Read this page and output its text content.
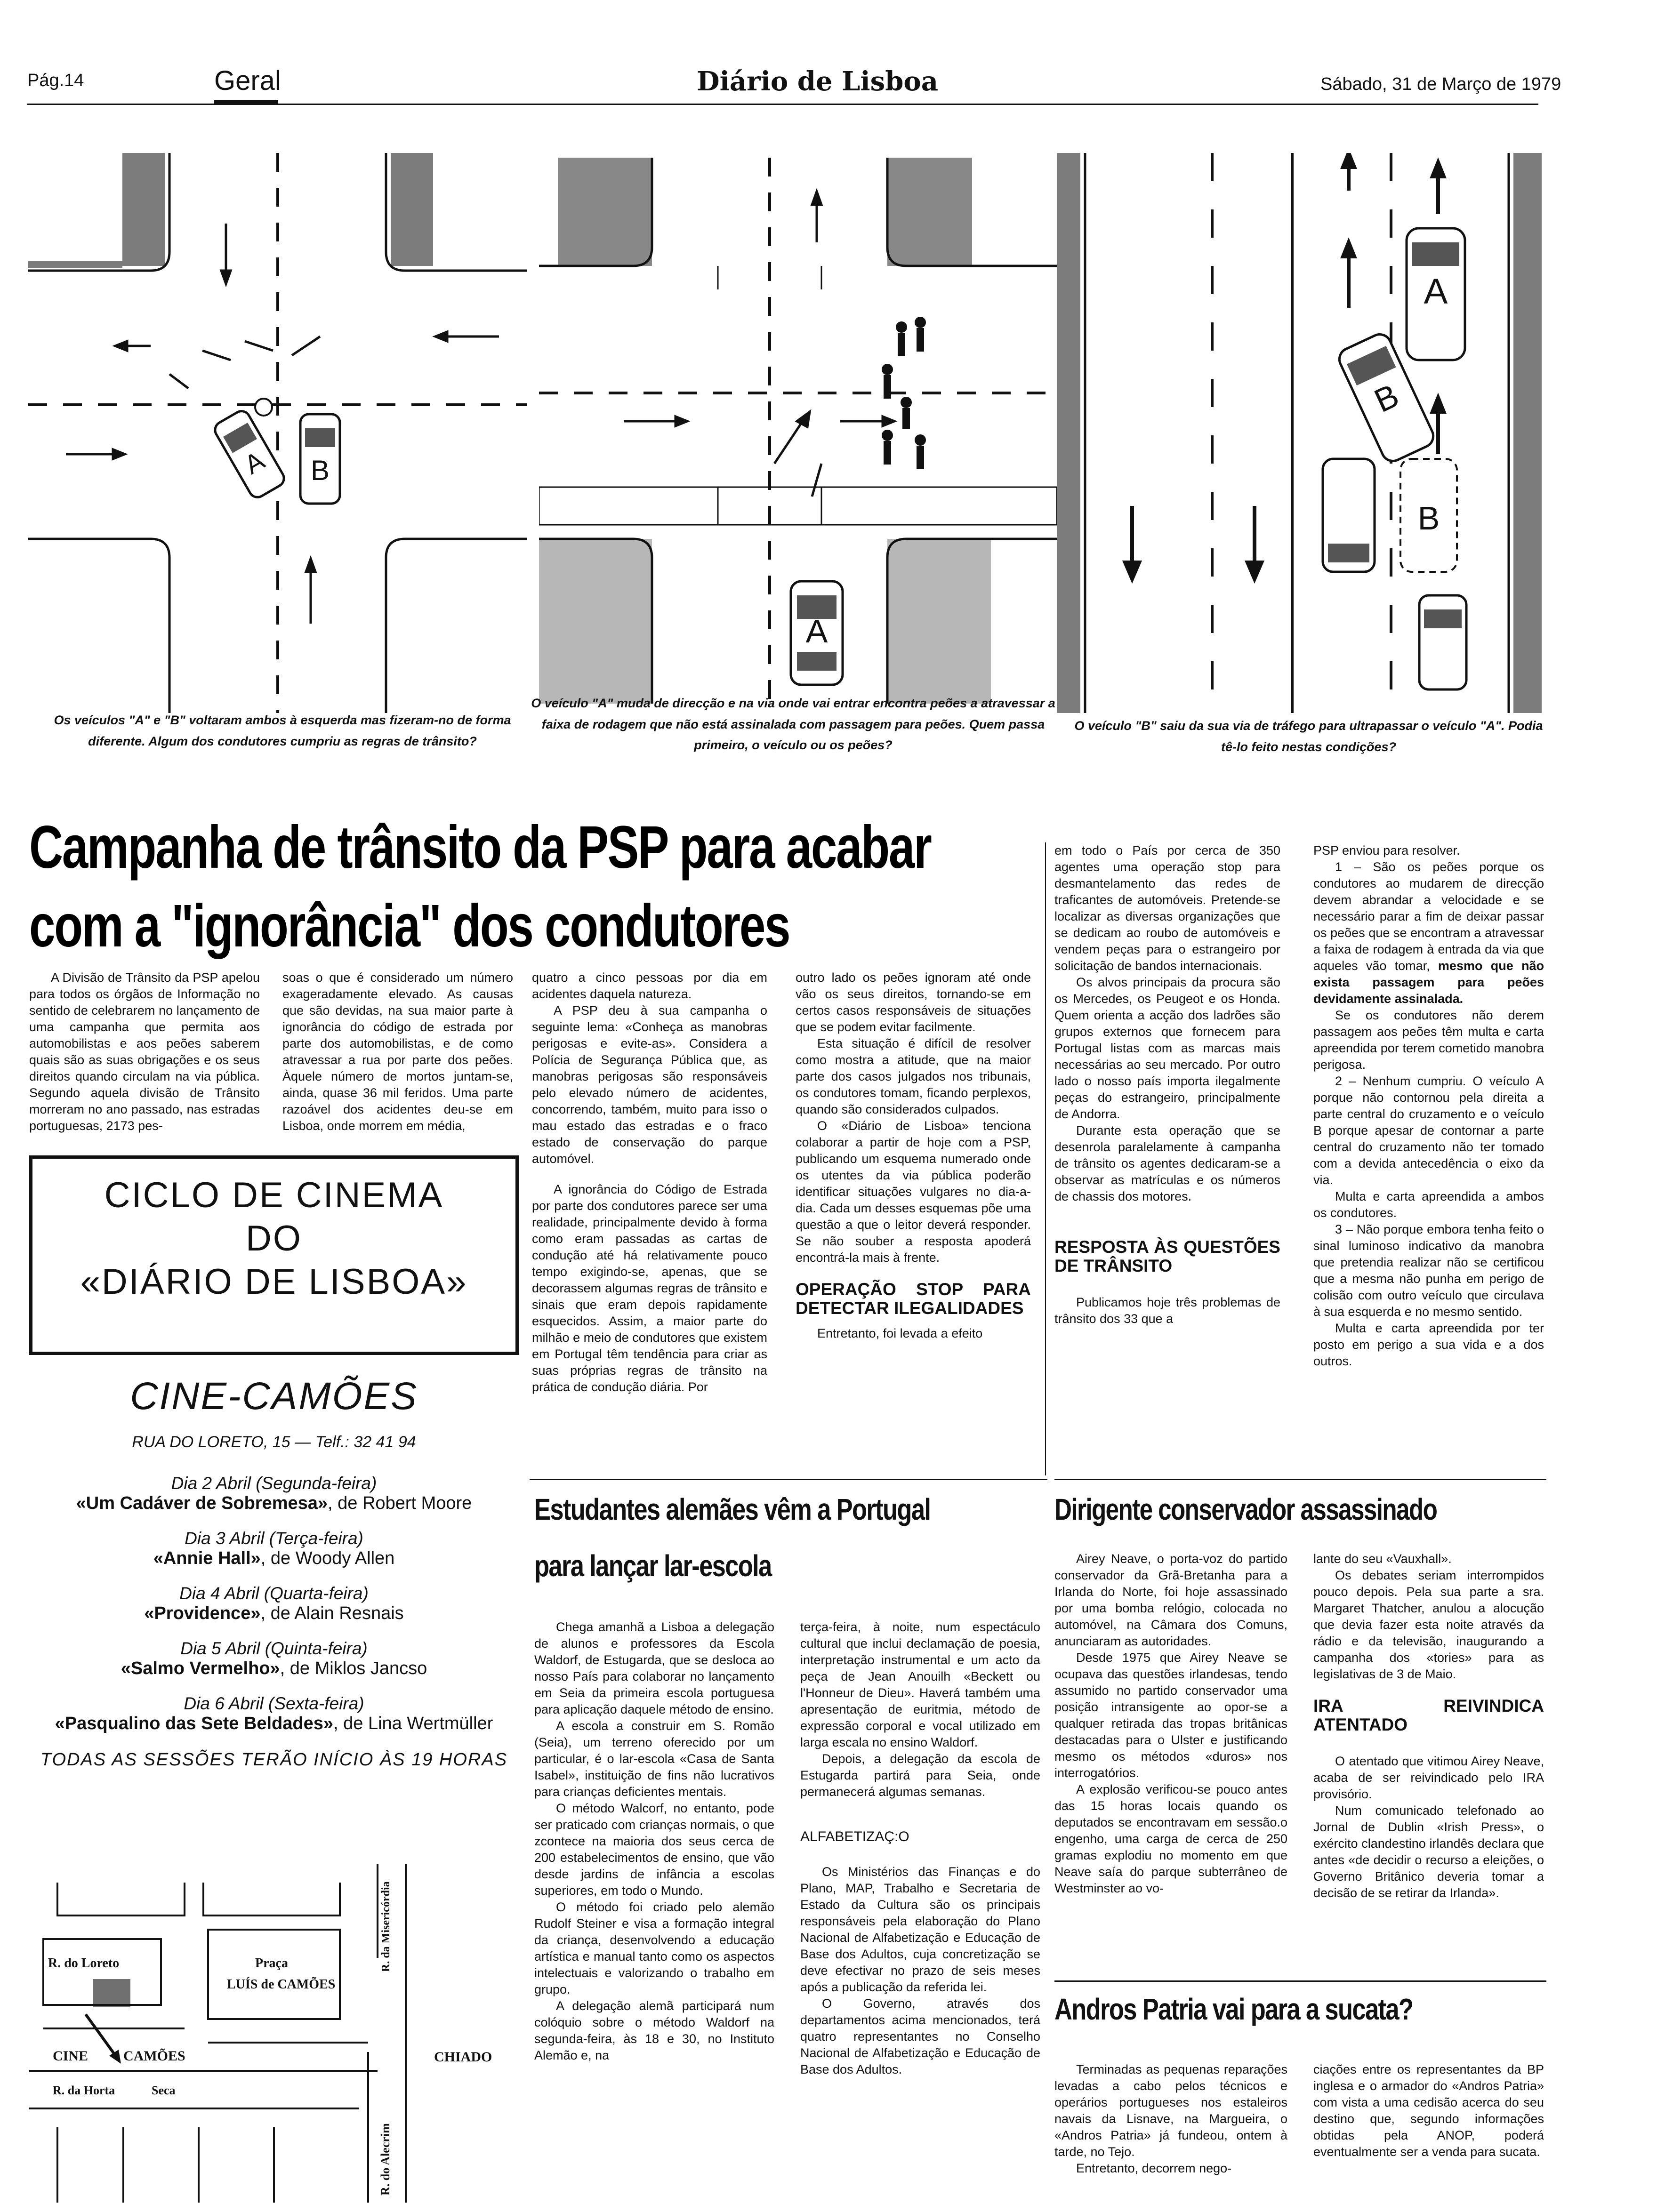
Pág.14	Geral	Diário de Lisboa	Sábado, 31 de Março de 1979
A B
A
A
B
B
Os veículos "A" e "B" voltaram ambos à esquerda mas fizeram-no de forma diferente. Algum dos condutores cumpriu as regras de trânsito?
O veículo "A" muda de direcção e na via onde vai entrar encontra peões a atravessar a faixa de rodagem que não está assinalada com passagem para peões. Quem passa primeiro, o veículo ou os peões?
O veículo "B" saiu da sua via de tráfego para ultrapassar o veículo "A". Podia tê-lo feito nestas condições?
Campanha de trânsito da PSP para acabar
com a "ignorância" dos condutores

A Divisão de Trânsito da PSP apelou para todos os órgãos de Informação no sentido de celebrarem no lançamento de uma campanha que permita aos automobilistas e aos peões saberem quais são as suas obrigações e os seus direitos quando circulam na via pública. Segundo aquela divisão de Trânsito morreram no ano passado, nas estradas portuguesas, 2173 pes-

soas o que é considerado um número exageradamente elevado. As causas que são devidas, na sua maior parte à ignorância do código de estrada por parte dos automobilistas, e de como atravessar a rua por parte dos peões. Àquele número de mortos juntam-se, ainda, quase 36 mil feridos. Uma parte razoável dos acidentes deu-se em Lisboa, onde morrem em média,

quatro a cinco pessoas por dia em acidentes daquela natureza.

A PSP deu à sua campanha o seguinte lema: «Conheça as manobras perigosas e evite-as». Considera a Polícia de Segurança Pública que, as manobras perigosas são responsáveis pelo elevado número de acidentes, concorrendo, também, muito para isso o mau estado das estradas e o fraco estado de conservação do parque automóvel.

A ignorância do Código de Estrada por parte dos condutores parece ser uma realidade, principalmente devido à forma como eram passadas as cartas de condução até há relativamente pouco tempo exigindo-se, apenas, que se decorassem algumas regras de trânsito e sinais que eram depois rapidamente esquecidos. Assim, a maior parte do milhão e meio de condutores que existem em Portugal têm tendência para criar as suas próprias regras de trânsito na prática de condução diária. Por

outro lado os peões ignoram até onde vão os seus direitos, tornando-se em certos casos responsáveis de situações que se podem evitar facilmente.

Esta situação é difícil de resolver como mostra a atitude, que na maior parte dos casos julgados nos tribunais, os condutores tomam, ficando perplexos, quando são considerados culpados.

O «Diário de Lisboa» tenciona colaborar a partir de hoje com a PSP, publicando um esquema numerado onde os utentes da via pública poderão identificar situações vulgares no dia-a-dia. Cada um desses esquemas põe uma questão a que o leitor deverá responder. Se não souber a resposta apoderá encontrá-la mais à frente.

OPERAÇÃO STOP PARA DETECTAR ILEGALIDADES

Entretanto, foi levada a efeito

em todo o País por cerca de 350 agentes uma operação stop para desmantelamento das redes de traficantes de automóveis. Pretende-se localizar as diversas organizações que se dedicam ao roubo de automóveis e vendem peças para o estrangeiro por solicitação de bandos internacionais.

Os alvos principais da procura são os Mercedes, os Peugeot e os Honda. Quem orienta a acção dos ladrões são grupos externos que fornecem para Portugal listas com as marcas mais necessárias ao seu mercado. Por outro lado o nosso país importa ilegalmente peças do estrangeiro, principalmente de Andorra.

Durante esta operação que se desenrola paralelamente à campanha de trânsito os agentes dedicaram-se a observar as matrículas e os números de chassis dos motores.

RESPOSTA ÀS QUESTÕES DE TRÂNSITO

Publicamos hoje três problemas de trânsito dos 33 que a

PSP enviou para resolver.

1 – São os peões porque os condutores ao mudarem de direcção devem abrandar a velocidade e se necessário parar a fim de deixar passar os peões que se encontram a atravessar a faixa de rodagem à entrada da via que aqueles vão tomar, mesmo que não exista passagem para peões devidamente assinalada.

Se os condutores não derem passagem aos peões têm multa e carta apreendida por terem cometido manobra perigosa.

2 – Nenhum cumpriu. O veículo A porque não contornou pela direita a parte central do cruzamento e o veículo B porque apesar de contornar a parte central do cruzamento não ter tomado com a devida antecedência o eixo da via.

Multa e carta apreendida a ambos os condutores.

3 – Não porque embora tenha feito o sinal luminoso indicativo da manobra que pretendia realizar não se certificou que a mesma não punha em perigo de colisão com outro veículo que circulava à sua esquerda e no mesmo sentido.

Multa e carta apreendida por ter posto em perigo a sua vida e a dos outros.

CICLO DE CINEMA
DO
«DIÁRIO DE LISBOA»
CINE-CAMÕES
RUA DO LORETO, 15 — Telf.: 32 41 94
Dia 2 Abril (Segunda-feira)
«Um Cadáver de Sobremesa», de Robert Moore
Dia 3 Abril (Terça-feira)
«Annie Hall», de Woody Allen
Dia 4 Abril (Quarta-feira)
«Providence», de Alain Resnais
Dia 5 Abril (Quinta-feira)
«Salmo Vermelho», de Miklos Jancso
Dia 6 Abril (Sexta-feira)
«Pasqualino das Sete Beldades», de Lina Wertmüller
TODAS AS SESSÕES TERÃO INÍCIO ÀS 19 HORAS
R. do Loreto	Praça
LUÍS de CAMÕES
CINE CAMÕES	CHIADO
R. da Horta	Seca
R. da Misericórdia
R. do Alecrim
Estudantes alemães vêm a Portugal
para lançar lar-escola

Chega amanhã a Lisboa a delegação de alunos e professores da Escola Waldorf, de Estugarda, que se desloca ao nosso País para colaborar no lançamento em Seia da primeira escola portuguesa para aplicação daquele método de ensino.

A escola a construir em S. Romão (Seia), um terreno oferecido por um particular, é o lar-escola «Casa de Santa Isabel», instituição de fins não lucrativos para crianças deficientes mentais.

O método Walcorf, no entanto, pode ser praticado com crianças normais, o que zcontece na maioria dos seus cerca de 200 estabelecimentos de ensino, que vão desde jardins de infância a escolas superiores, em todo o Mundo.

O método foi criado pelo alemão Rudolf Steiner e visa a formação integral da criança, desenvolvendo a educação artística e manual tanto como os aspectos intelectuais e valorizando o trabalho em grupo.

A delegação alemã participará num colóquio sobre o método Waldorf na segunda-feira, às 18 e 30, no Instituto Alemão e, na

terça-feira, à noite, num espectáculo cultural que inclui declamação de poesia, interpretação instrumental e um acto da peça de Jean Anouilh «Beckett ou l'Honneur de Dieu». Haverá também uma apresentação de euritmia, método de expressão corporal e vocal utilizado em larga escala no ensino Waldorf.

Depois, a delegação da escola de Estugarda partirá para Seia, onde permanecerá algumas semanas.

ALFABETIZAÇ:O

Os Ministérios das Finanças e do Plano, MAP, Trabalho e Secretaria de Estado da Cultura são os principais responsáveis pela elaboração do Plano Nacional de Alfabetização e Educação de Base dos Adultos, cuja concretização se deve efectivar no prazo de seis meses após a publicação da referida lei.

O Governo, através dos departamentos acima mencionados, terá quatro representantes no Conselho Nacional de Alfabetização e Educação de Base dos Adultos.

Dirigente conservador assassinado

Airey Neave, o porta-voz do partido conservador da Grã-Bretanha para a Irlanda do Norte, foi hoje assassinado por uma bomba relógio, colocada no automóvel, na Câmara dos Comuns, anunciaram as autoridades.

Desde 1975 que Airey Neave se ocupava das questões irlandesas, tendo assumido no partido conservador uma posição intransigente ao opor-se a qualquer retirada das tropas britânicas destacadas para o Ulster e justificando mesmo os métodos «duros» nos interrogatórios.

A explosão verificou-se pouco antes das 15 horas locais quando os deputados se encontravam em sessão.o engenho, uma carga de cerca de 250 gramas explodiu no momento em que Neave saía do parque subterrâneo de Westminster ao vo-

lante do seu «Vauxhall».

Os debates seriam interrompidos pouco depois. Pela sua parte a sra. Margaret Thatcher, anulou a alocução que devia fazer esta noite através da rádio e da televisão, inaugurando a campanha dos «tories» para as legislativas de 3 de Maio.

IRA REIVINDICA ATENTADO

O atentado que vitimou Airey Neave, acaba de ser reivindicado pelo IRA provisório.

Num comunicado telefonado ao Jornal de Dublin «Irish Press», o exército clandestino irlandês declara que antes «de decidir o recurso a eleições, o Governo Britânico deveria tomar a decisão de se retirar da Irlanda».

Andros Patria vai para a sucata?

Terminadas as pequenas reparações levadas a cabo pelos técnicos e operários portugueses nos estaleiros navais da Lisnave, na Margueira, o «Andros Patria» já fundeou, ontem à tarde, no Tejo.

Entretanto, decorrem nego-

ciações entre os representantes da BP inglesa e o armador do «Andros Patria» com vista a uma cedisão acerca do seu destino que, segundo informações obtidas pela ANOP, poderá eventualmente ser a venda para sucata.
